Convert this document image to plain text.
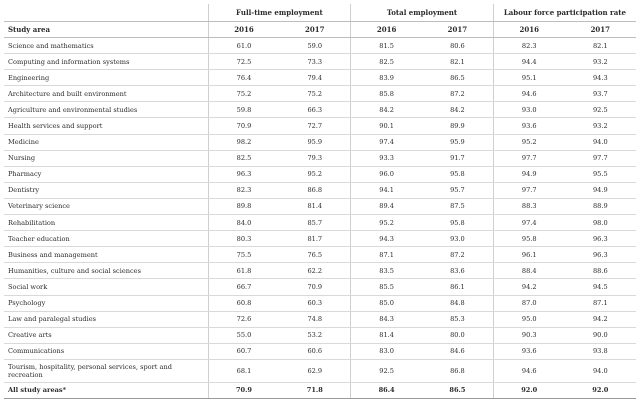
	Full-time employment		Total employment		Labour force participation rate	
Study area	2016	2017	2016	2017	2016	2017
Science and mathematics	61.0	59.0	81.5	80.6	82.3	82.1
Computing and information systems	72.5	73.3	82.5	82.1	94.4	93.2
Engineering	76.4	79.4	83.9	86.5	95.1	94.3
Architecture and built environment	75.2	75.2	85.8	87.2	94.6	93.7
Agriculture and environmental studies	59.8	66.3	84.2	84.2	93.0	92.5
Health services and support	70.9	72.7	90.1	89.9	93.6	93.2
Medicine	98.2	95.9	97.4	95.9	95.2	94.0
Nursing	82.5	79.3	93.3	91.7	97.7	97.7
Pharmacy	96.3	95.2	96.0	95.8	94.9	95.5
Dentistry	82.3	86.8	94.1	95.7	97.7	94.9
Veterinary science	89.8	81.4	89.4	87.5	88.3	88.9
Rehabilitation	84.0	85.7	95.2	95.8	97.4	98.0
Teacher education	80.3	81.7	94.3	93.0	95.8	96.3
Business and management	75.5	76.5	87.1	87.2	96.1	96.3
Humanities, culture and social sciences	61.8	62.2	83.5	83.6	88.4	88.6
Social work	66.7	70.9	85.5	86.1	94.2	94.5
Psychology	60.8	60.3	85.0	84.8	87.0	87.1
Law and paralegal studies	72.6	74.8	84.3	85.3	95.0	94.2
Creative arts	55.0	53.2	81.4	80.0	90.3	90.0
Communications	60.7	60.6	83.0	84.6	93.6	93.8
Tourism, hospitality, personal services, sport and recreation	68.1	62.9	92.5	86.8	94.6	94.0
All study areas*	70.9	71.8	86.4	86.5	92.0	92.0
